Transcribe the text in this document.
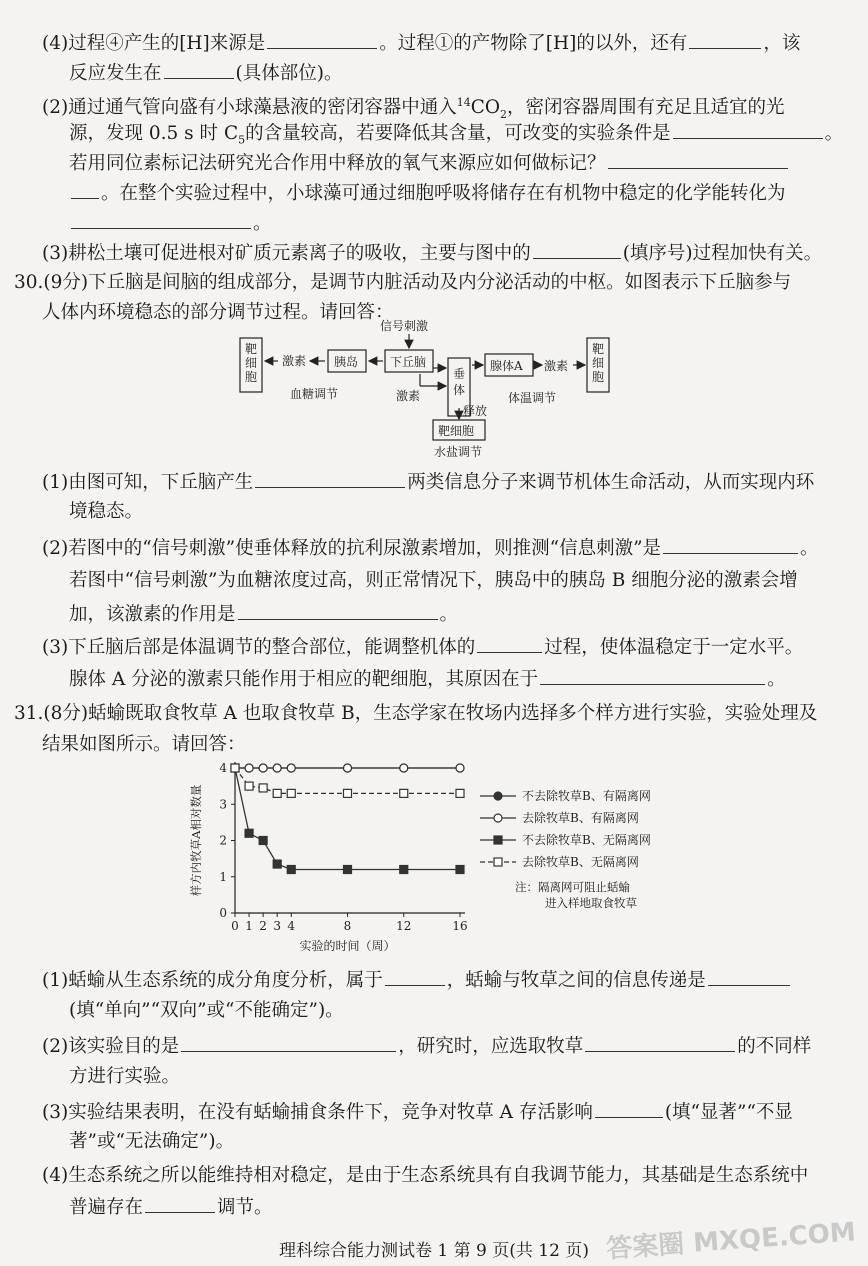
(4)过程④产生的[H]来源是	。过程①的产物除了[H]的以外，还有	，该
反应发生在	(具体部位)。
(2)通过通气管向盛有小球藻悬液的密闭容器中通入$^{14}CO_2$，密闭容器周围有充足且适宜的光
源，发现 0.5 s 时 $C_5$的含量较高，若要降低其含量，可改变的实验条件是	。
若用同位素标记法研究光合作用中释放的氧气来源应如何做标记？
。在整个实验过程中，小球藻可通过细胞呼吸将储存在有机物中稳定的化学能转化为
。
(3)耕松土壤可促进根对矿质元素离子的吸收，主要与图中的	(填序号)过程加快有关。
30.(9分)下丘脑是间脑的组成部分，是调节内脏活动及内分泌活动的中枢。如图表示下丘脑参与
人体内环境稳态的部分调节过程。请回答：
信号刺激
靶细胞
激素 胰岛	下丘脑
垂体
腺体A 激素
靶细胞
激素
释放
靶细胞
血糖调节	体温调节
水盐调节
(1)由图可知，下丘脑产生	两类信息分子来调节机体生命活动，从而实现内环
境稳态。
(2)若图中的“信号刺激”使垂体释放的抗利尿激素增加，则推测“信息刺激”是	。
若图中“信号刺激”为血糖浓度过高，则正常情况下，胰岛中的胰岛 B 细胞分泌的激素会增
加，该激素的作用是	。
(3)下丘脑后部是体温调节的整合部位，能调整机体的	过程，使体温稳定于一定水平。
腺体 A 分泌的激素只能作用于相应的靶细胞，其原因在于	。
31.(8分)蛞蝓既取食牧草 A 也取食牧草 B，生态学家在牧场内选择多个样方进行实验，实验处理及
结果如图所示。请回答：
0 1 2 3 4	8	12	16
0
1
2
3
4
实验的时间（周）
样方内牧草A相对数量	不去除牧草B、有隔离网
去除牧草B、有隔离网
不去除牧草B、无隔离网
去除牧草B、无隔离网
注：隔离网可阻止蛞蝓
进入样地取食牧草
(1)蛞蝓从生态系统的成分角度分析，属于	，蛞蝓与牧草之间的信息传递是
(填“单向”“双向”或“不能确定”)。
(2)该实验目的是	，研究时，应选取牧草	的不同样
方进行实验。
(3)实验结果表明，在没有蛞蝓捕食条件下，竞争对牧草 A 存活影响	(填“显著”“不显
著”或“无法确定”)。
(4)生态系统之所以能维持相对稳定，是由于生态系统具有自我调节能力，其基础是生态系统中
普遍存在	调节。
理科综合能力测试卷 1 第 9 页(共 12 页) 答案圈 MXQE.COM
